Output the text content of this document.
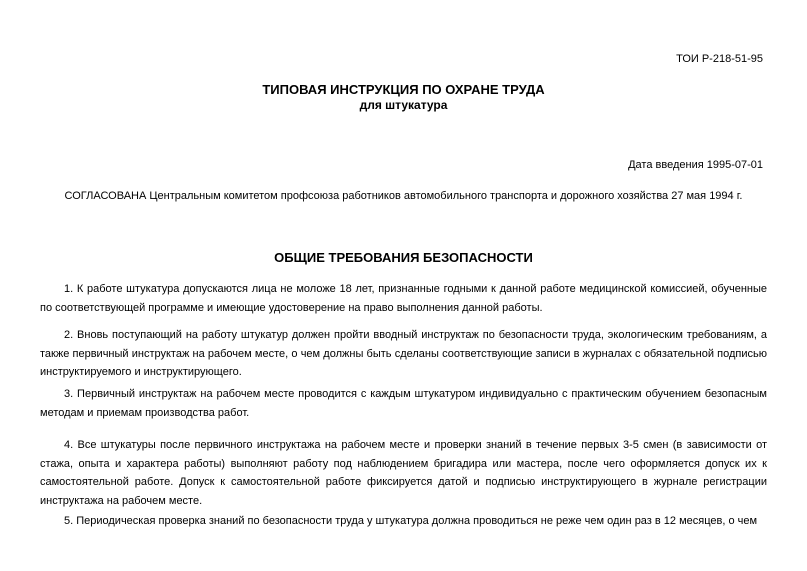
ТОИ Р-218-51-95
ТИПОВАЯ ИНСТРУКЦИЯ ПО ОХРАНЕ ТРУДА
для штукатура
Дата введения 1995-07-01
СОГЛАСОВАНА Центральным комитетом профсоюза работников автомобильного транспорта и дорожного хозяйства 27 мая 1994 г.
ОБЩИЕ ТРЕБОВАНИЯ БЕЗОПАСНОСТИ

1. К работе штукатура допускаются лица не моложе 18 лет, признанные годными к данной работе медицинской комиссией, обученные по соответствующей программе и имеющие удостоверение на право выполнения данной работы.

2. Вновь поступающий на работу штукатур должен пройти вводный инструктаж по безопасности труда, экологическим требованиям, а также первичный инструктаж на рабочем месте, о чем должны быть сделаны соответствующие записи в журналах с обязательной подписью инструктируемого и инструктирующего.

3. Первичный инструктаж на рабочем месте проводится с каждым штукатуром индивидуально с практическим обучением безопасным методам и приемам производства работ.

4. Все штукатуры после первичного инструктажа на рабочем месте и проверки знаний в течение первых 3-5 смен (в зависимости от стажа, опыта и характера работы) выполняют работу под наблюдением бригадира или мастера, после чего оформляется допуск их к самостоятельной работе. Допуск к самостоятельной работе фиксируется датой и подписью инструктирующего в журнале регистрации инструктажа на рабочем месте.

5. Периодическая проверка знаний по безопасности труда у штукатура должна проводиться не реже чем один раз в 12 месяцев, о чем
